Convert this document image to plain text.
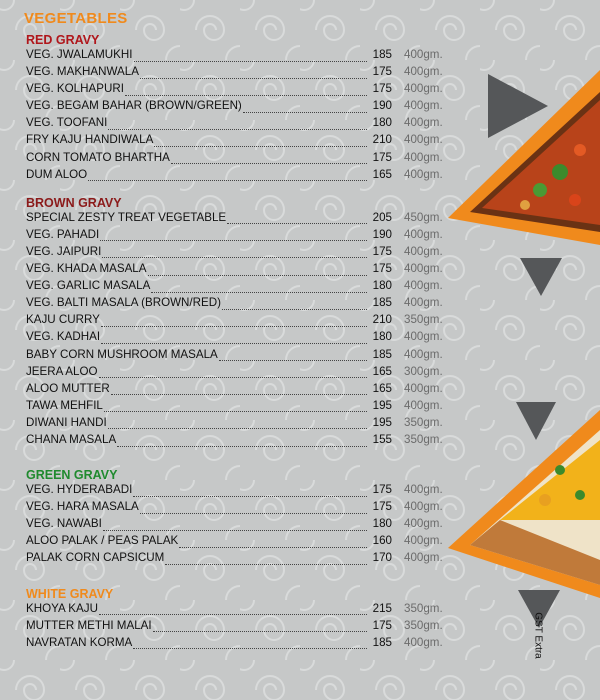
VEGETABLES
RED GRAVY
VEG. JWALAMUKHI	185	400gm.
VEG. MAKHANWALA	175	400gm.
VEG. KOLHAPURI	175	400gm.
VEG. BEGAM BAHAR (BROWN/GREEN)	190	400gm.
VEG. TOOFANI	180	400gm.
FRY KAJU HANDIWALA	210	400gm.
CORN TOMATO BHARTHA	175	400gm.
DUM ALOO	165	400gm.
BROWN GRAVY
SPECIAL ZESTY TREAT VEGETABLE	205	450gm.
VEG. PAHADI	190	400gm.
VEG. JAIPURI	175	400gm.
VEG. KHADA MASALA	175	400gm.
VEG. GARLIC MASALA	180	400gm.
VEG. BALTI MASALA (BROWN/RED)	185	400gm.
KAJU CURRY	210	350gm.
VEG. KADHAI	180	400gm.
BABY CORN MUSHROOM MASALA	185	400gm.
JEERA ALOO	165	300gm.
ALOO MUTTER	165	400gm.
TAWA MEHFIL	195	400gm.
DIWANI HANDI	195	350gm.
CHANA MASALA	155	350gm.
GREEN GRAVY
VEG. HYDERABADI	175	400gm.
VEG. HARA MASALA	175	400gm.
VEG. NAWABI	180	400gm.
ALOO PALAK / PEAS PALAK	160	400gm.
PALAK CORN CAPSICUM	170	400gm.
WHITE GRAVY
KHOYA KAJU	215	350gm.
MUTTER METHI MALAI	175	350gm.
NAVRATAN KORMA	185	400gm.	GST Extra
